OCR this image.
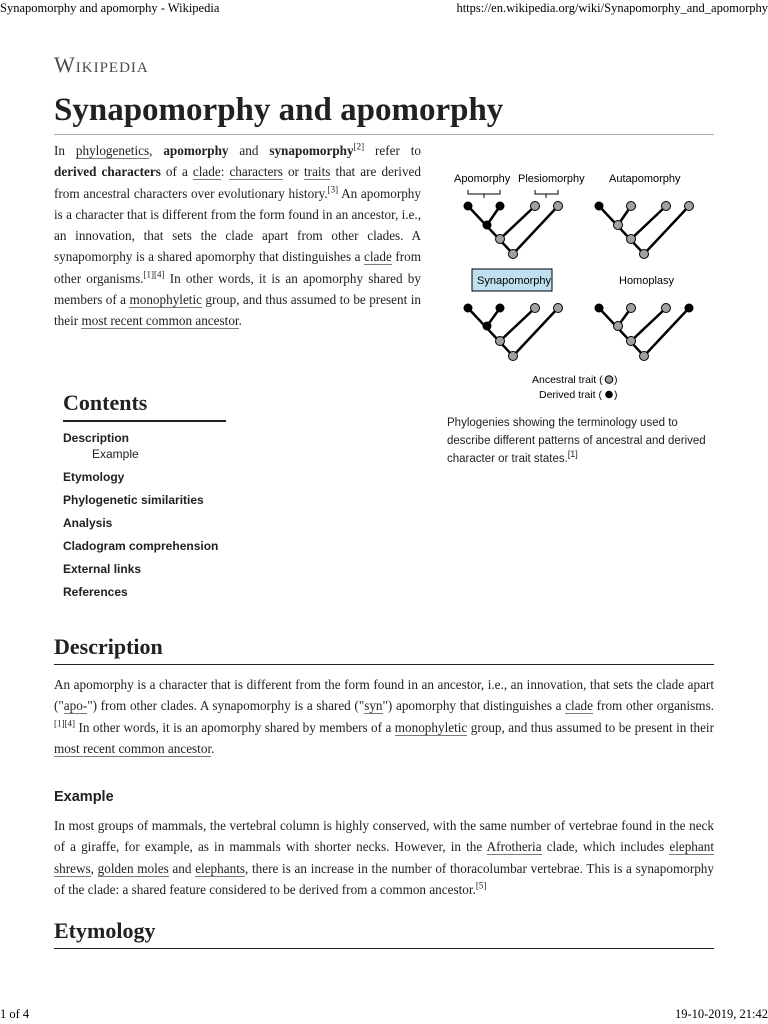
Synapomorphy and apomorphy - Wikipedia	https://en.wikipedia.org/wiki/Synapomorphy_and_apomorphy
Wikipedia
Synapomorphy and apomorphy

In phylogenetics, apomorphy and synapomorphy[2] refer to derived characters of a clade: characters or traits that are derived from ancestral characters over evolutionary history.[3] An apomorphy is a character that is different from the form found in an ancestor, i.e., an innovation, that sets the clade apart from other clades. A synapomorphy is a shared apomorphy that distinguishes a clade from other organisms.[1][4] In other words, it is an apomorphy shared by members of a monophyletic group, and thus assumed to be present in their most recent common ancestor.

Apomorphy Plesiomorphy Autapomorphy
Synapomorphy	Homoplasy
Ancestral trait ( )
Derived trait ( )
Phylogenies showing the terminology used to describe different patterns of ancestral and derived character or trait states.[1]
Contents
Description
Example
Etymology
Phylogenetic similarities
Analysis
Cladogram comprehension
External links
References
Description

An apomorphy is a character that is different from the form found in an ancestor, i.e., an innovation, that sets the clade apart ("apo-") from other clades. A synapomorphy is a shared ("syn") apomorphy that distinguishes a clade from other organisms.[1][4] In other words, it is an apomorphy shared by members of a monophyletic group, and thus assumed to be present in their most recent common ancestor.

Example

In most groups of mammals, the vertebral column is highly conserved, with the same number of vertebrae found in the neck of a giraffe, for example, as in mammals with shorter necks. However, in the Afrotheria clade, which includes elephant shrews, golden moles and elephants, there is an increase in the number of thoracolumbar vertebrae. This is a synapomorphy of the clade: a shared feature considered to be derived from a common ancestor.[5]

Etymology
1 of 4	19-10-2019, 21:42
